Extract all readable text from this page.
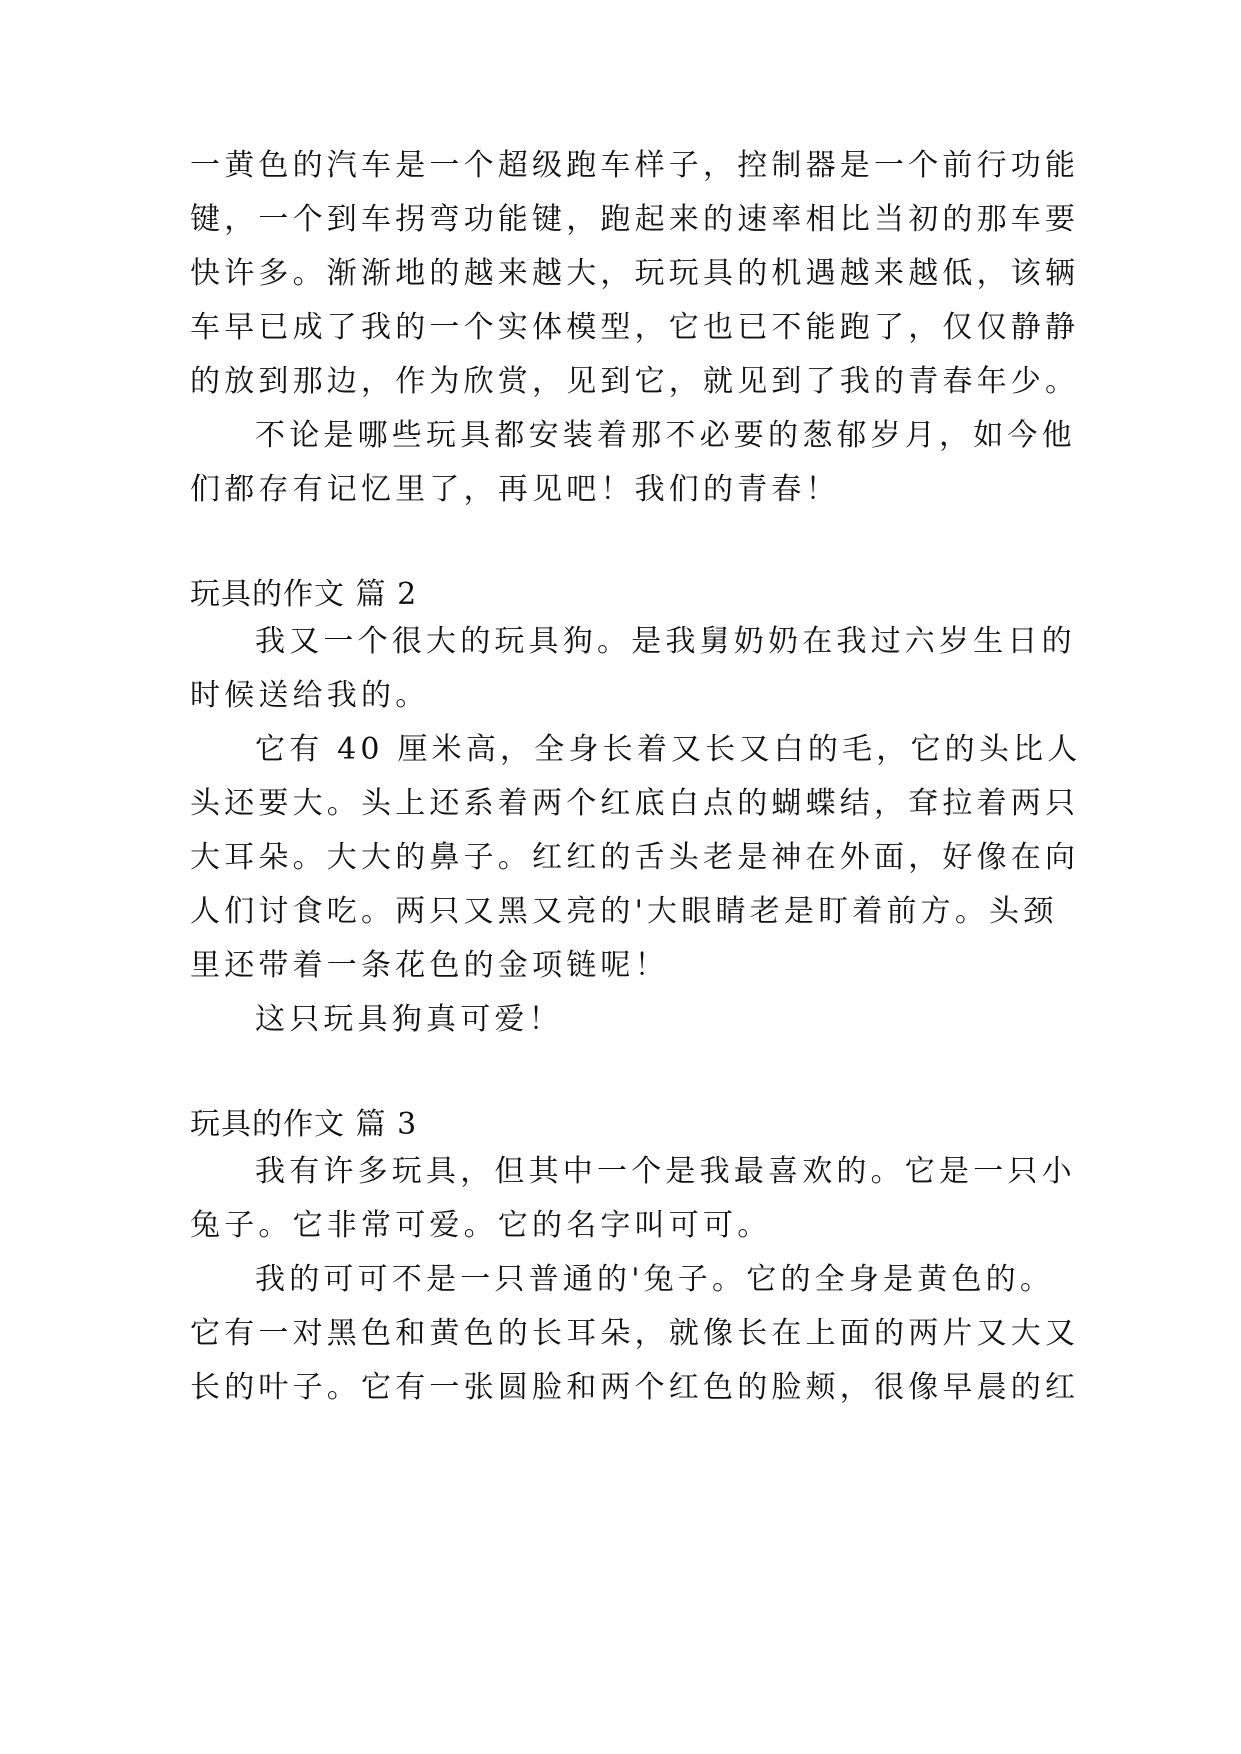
一黄色的汽车是一个超级跑车样子，控制器是一个前行功能
键，一个到车拐弯功能键，跑起来的速率相比当初的那车要
快许多。渐渐地的越来越大，玩玩具的机遇越来越低，该辆
车早已成了我的一个实体模型，它也已不能跑了，仅仅静静
的放到那边，作为欣赏，见到它，就见到了我的青春年少。
不论是哪些玩具都安装着那不必要的葱郁岁月，如今他
们都存有记忆里了，再见吧！我们的青春！
玩具的作文 篇 2
我又一个很大的玩具狗。是我舅奶奶在我过六岁生日的
时候送给我的。
它有 40 厘米高，全身长着又长又白的毛，它的头比人
头还要大。头上还系着两个红底白点的蝴蝶结，耷拉着两只
大耳朵。大大的鼻子。红红的舌头老是神在外面，好像在向
人们讨食吃。两只又黑又亮的'大眼睛老是盯着前方。头颈
里还带着一条花色的金项链呢！
这只玩具狗真可爱！
玩具的作文 篇 3
我有许多玩具，但其中一个是我最喜欢的。它是一只小
兔子。它非常可爱。它的名字叫可可。
我的可可不是一只普通的'兔子。它的全身是黄色的。
它有一对黑色和黄色的长耳朵，就像长在上面的两片又大又
长的叶子。它有一张圆脸和两个红色的脸颊，很像早晨的红
